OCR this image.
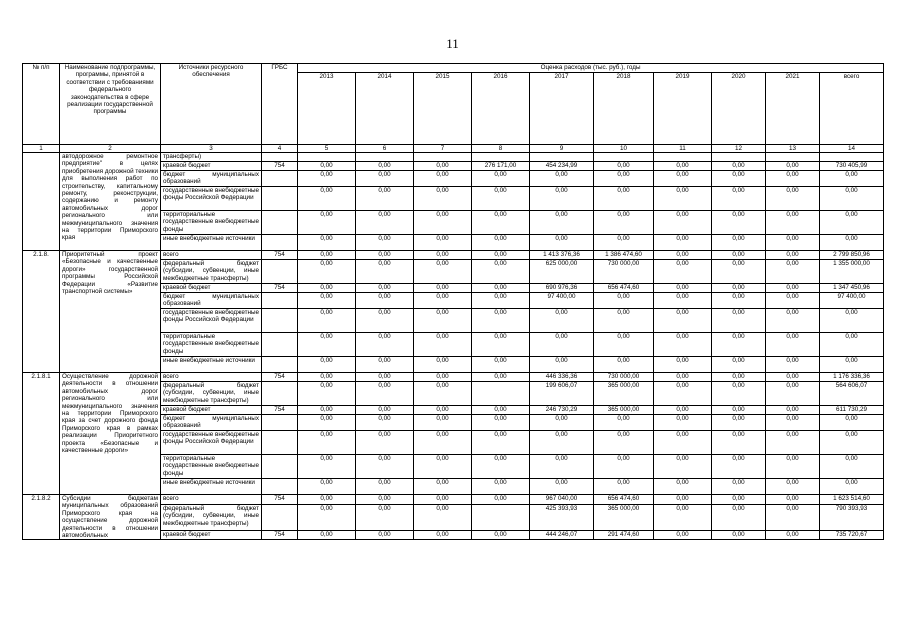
11
№ п/п	Наименование подпрограммы, программы, принятой в соответствии с требованиями федерального законодательства в сфере реализации государственной программы	Источники ресурсного обеспечения	ГРБС	Оценка расходов (тыс. руб.), годы									
				2013	2014	2015	2016	2017	2018	2019	2020	2021	всего
1	2	3	4	5	6	7	8	9	10	11	12	13	14
	автодорожное ремонтное предприятие" в целях приобретения дорожной техники для выполнения работ по строительству, капитальному ремонту, реконструкции, содержанию и ремонту автомобильных дорог регионального или межмуниципального значения на территории Приморского края	трансферты)											
		краевой бюджет	754	0,00	0,00	0,00	276 171,00	454 234,99	0,00	0,00	0,00	0,00	730 405,99
		бюджет муниципальных образований		0,00	0,00	0,00	0,00	0,00	0,00	0,00	0,00	0,00	0,00
		государственные внебюджетные фонды Российской Федерации		0,00	0,00	0,00	0,00	0,00	0,00	0,00	0,00	0,00	0,00
		территориальные государственные внебюджетные фонды		0,00	0,00	0,00	0,00	0,00	0,00	0,00	0,00	0,00	0,00
		иные внебюджетные источники		0,00	0,00	0,00	0,00	0,00	0,00	0,00	0,00	0,00	0,00
2.1.8.	Приоритетный проект «Безопасные и качественные дороги» государственной программы Российской Федерации «Развитие транспортной системы»	всего	754	0,00	0,00	0,00	0,00	1 413 376,36	1 386 474,60	0,00	0,00	0,00	2 799 850,96
		федеральный бюджет (субсидии, субвенции, иные межбюджетные трансферты)		0,00	0,00	0,00	0,00	625 000,00	730 000,00	0,00	0,00	0,00	1 355 000,00
		краевой бюджет	754	0,00	0,00	0,00	0,00	690 976,36	656 474,60	0,00	0,00	0,00	1 347 450,96
		бюджет муниципальных образований		0,00	0,00	0,00	0,00	97 400,00	0,00	0,00	0,00	0,00	97 400,00
		государственные внебюджетные фонды Российской Федерации		0,00	0,00	0,00	0,00	0,00	0,00	0,00	0,00	0,00	0,00
		территориальные государственные внебюджетные фонды		0,00	0,00	0,00	0,00	0,00	0,00	0,00	0,00	0,00	0,00
		иные внебюджетные источники		0,00	0,00	0,00	0,00	0,00	0,00	0,00	0,00	0,00	0,00
2.1.8.1	Осуществление дорожной деятельности в отношении автомобильных дорог регионального или межмуниципального значения на территории Приморского края за счет дорожного фонда Приморского края в рамках реализации Приоритетного проекта «Безопасные и качественные дороги»	всего	754	0,00	0,00	0,00	0,00	446 336,36	730 000,00	0,00	0,00	0,00	1 176 336,36
		федеральный бюджет (субсидии, субвенции, иные межбюджетные трансферты)		0,00	0,00	0,00		199 606,07	365 000,00	0,00	0,00	0,00	564 606,07
		краевой бюджет	754	0,00	0,00	0,00	0,00	246 730,29	365 000,00	0,00	0,00	0,00	611 730,29
		бюджет муниципальных образований		0,00	0,00	0,00	0,00	0,00	0,00	0,00	0,00	0,00	0,00
		государственные внебюджетные фонды Российской Федерации		0,00	0,00	0,00	0,00	0,00	0,00	0,00	0,00	0,00	0,00
		территориальные государственные внебюджетные фонды		0,00	0,00	0,00	0,00	0,00	0,00	0,00	0,00	0,00	0,00
		иные внебюджетные источники		0,00	0,00	0,00	0,00	0,00	0,00	0,00	0,00	0,00	0,00
2.1.8.2	Субсидии бюджетам муниципальных образований Приморского края на осуществление дорожной деятельности в отношении автомобильных	всего	754	0,00	0,00	0,00	0,00	967 040,00	656 474,60	0,00	0,00	0,00	1 623 514,60
		федеральный бюджет (субсидии, субвенции, иные межбюджетные трансферты)		0,00	0,00	0,00		425 393,93	365 000,00	0,00	0,00	0,00	790 393,93
		краевой бюджет	754	0,00	0,00	0,00	0,00	444 246,07	291 474,60	0,00	0,00	0,00	735 720,67
